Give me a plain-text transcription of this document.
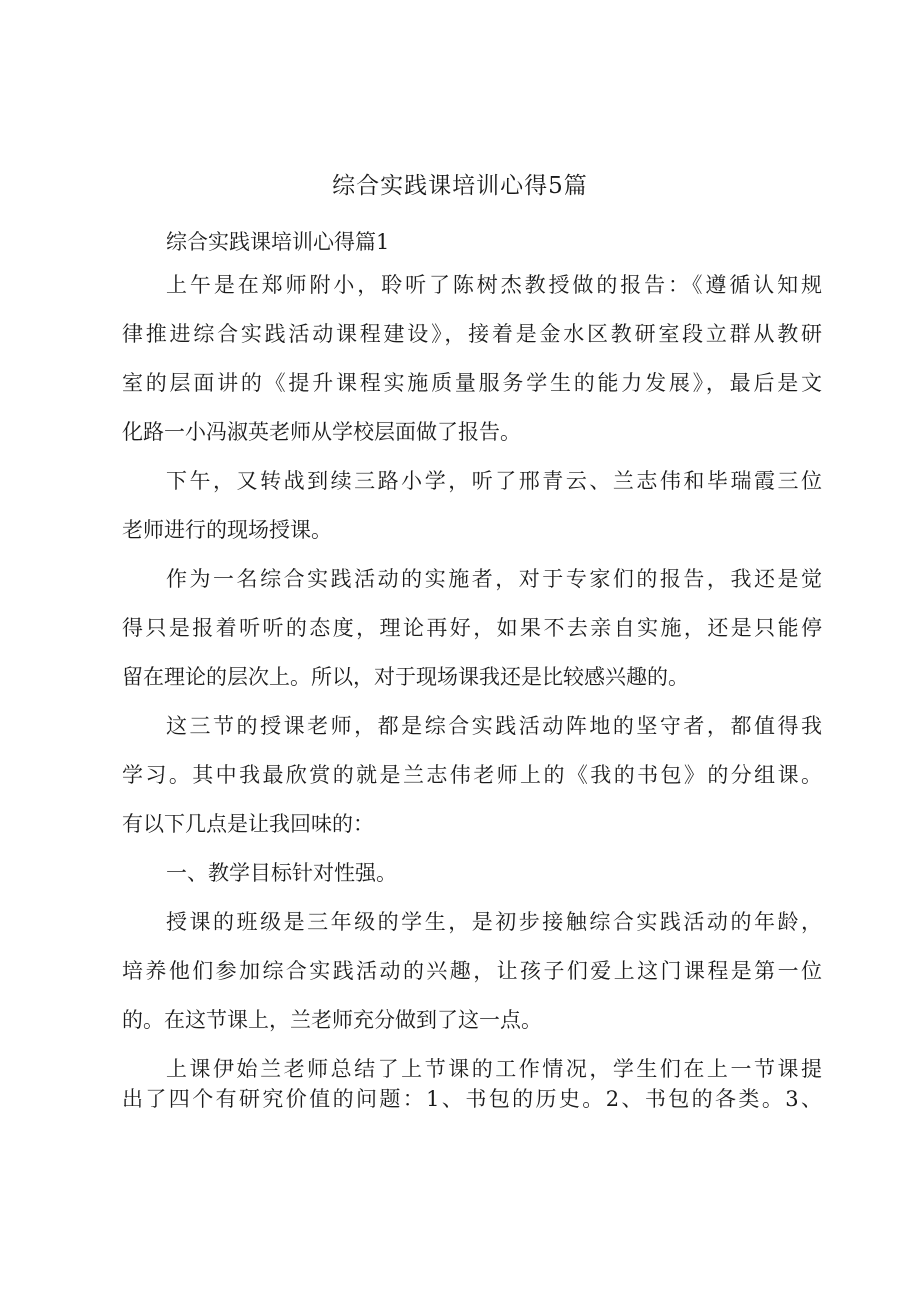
综合实践课培训心得5篇

综合实践课培训心得篇1

上午是在郑师附小，聆听了陈树杰教授做的报告：《遵循认知规

律推进综合实践活动课程建设》，接着是金水区教研室段立群从教研

室的层面讲的《提升课程实施质量服务学生的能力发展》，最后是文

化路一小冯淑英老师从学校层面做了报告。

下午，又转战到续三路小学，听了邢青云、兰志伟和毕瑞霞三位

老师进行的现场授课。

作为一名综合实践活动的实施者，对于专家们的报告，我还是觉

得只是报着听听的态度，理论再好，如果不去亲自实施，还是只能停

留在理论的层次上。所以，对于现场课我还是比较感兴趣的。

这三节的授课老师，都是综合实践活动阵地的坚守者，都值得我

学习。其中我最欣赏的就是兰志伟老师上的《我的书包》的分组课。

有以下几点是让我回味的：

一、教学目标针对性强。

授课的班级是三年级的学生，是初步接触综合实践活动的年龄，

培养他们参加综合实践活动的兴趣，让孩子们爱上这门课程是第一位

的。在这节课上，兰老师充分做到了这一点。

上课伊始兰老师总结了上节课的工作情况，学生们在上一节课提

出了四个有研究价值的问题：1、书包的历史。2、书包的各类。3、
